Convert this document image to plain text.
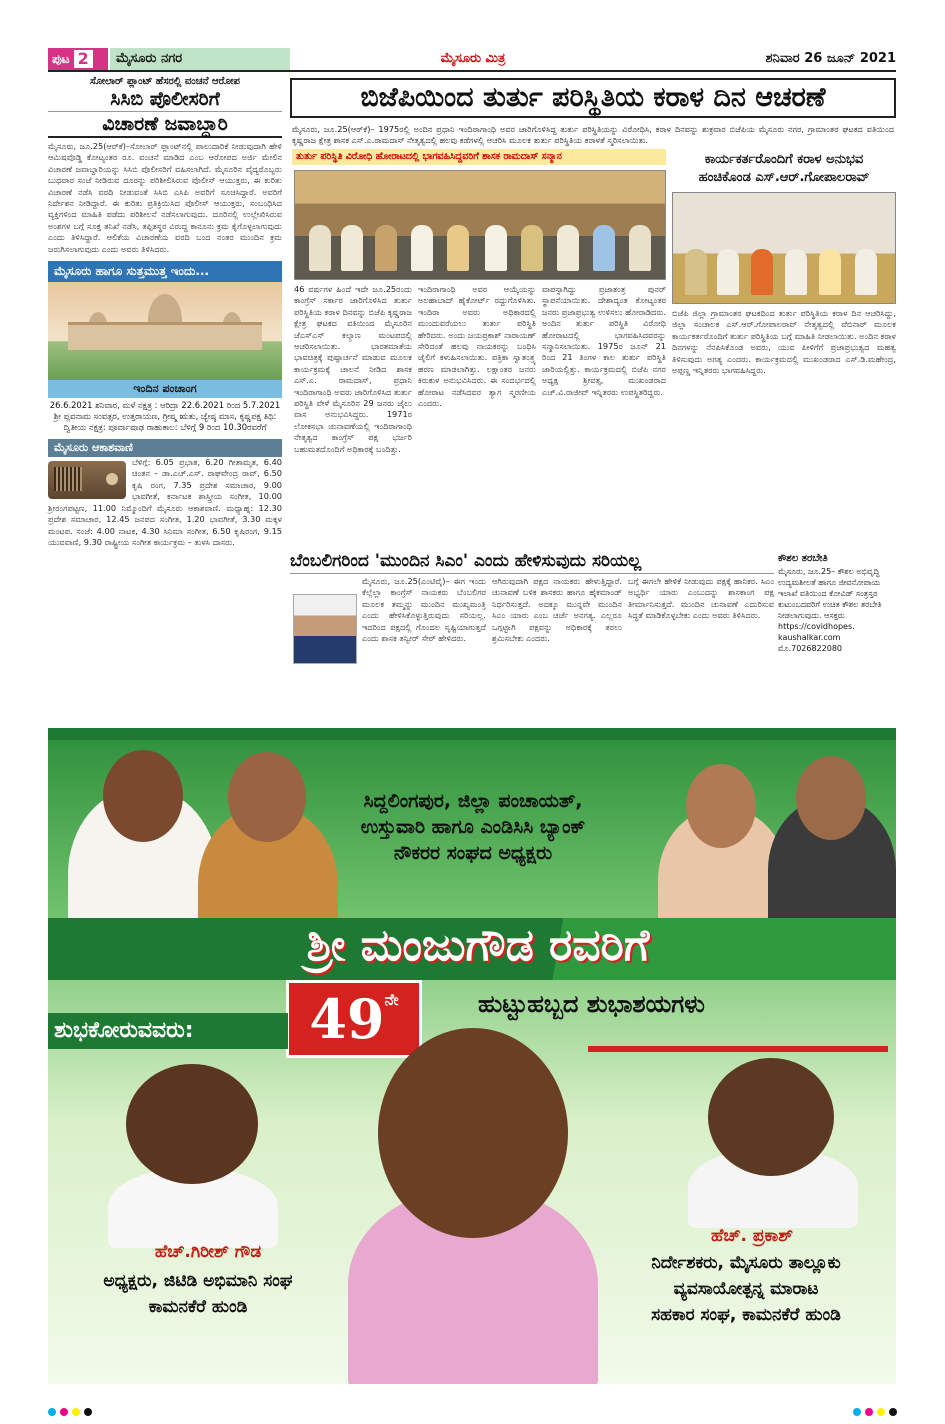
ಪುಟ 2	ಮೈಸೂರು ನಗರ	ಮೈಸೂರು ಮಿತ್ರ	ಶನಿವಾರ 26 ಜೂನ್ 2021
ಸೋಲಾರ್ ಪ್ಲಾಂಟ್ ಹೆಸರಲ್ಲಿ ವಂಚನೆ ಆರೋಪ
ಸಿಸಿಬಿ ಪೊಲೀಸರಿಗೆ
ವಿಚಾರಣೆ ಜವಾಬ್ದಾರಿ
ಮೈಸೂರು, ಜೂ.25(ಆರ್‌ಕೆ)–ಸೋಲಾರ್ ಪ್ಲಾಂಟ್‌ನಲ್ಲಿ ಪಾಲುದಾರಿಕೆ ನೀಡುವುದಾಗಿ ಹೇಳಿ ಆಮಿಷವೊಡ್ಡಿ ಕೋಟ್ಯಂತರ ರೂ. ವಂಚನೆ ಮಾಡಿದ ಎಂಬ ಆರೋಪದ ಅರ್ಜಿ ಮೇಲಿನ ವಿಚಾರಣೆ ಜವಾಬ್ದಾರಿಯನ್ನು ಸಿಸಿಬಿ ಪೊಲೀಸರಿಗೆ ವಹಿಸಲಾಗಿದೆ. ಮೈಸೂರಿನ ವೈದ್ಯರೊಬ್ಬರು ಬುಧವಾರ ಸಂಜೆ ನೀಡಿರುವ ದೂರನ್ನು ಪರಿಶೀಲಿಸಿರುವ ಪೊಲೀಸ್ ಆಯುಕ್ತರು, ಈ ಕುರಿತು ವಿಚಾರಣೆ ನಡೆಸಿ ವರದಿ ನೀಡುವಂತೆ ಸಿಸಿಬಿ ಎಸಿಪಿ ಅವರಿಗೆ ಸೂಚಿಸಿದ್ದಾರೆ. ಅವರಿಗೆ ನಿರ್ದೇಶನ ನೀಡಿದ್ದಾರೆ. ಈ ಕುರಿತು ಪ್ರತಿಕ್ರಿಯಿಸಿದ ಪೊಲೀಸ್ ಆಯುಕ್ತರು, ಸಂಬಂಧಿಸಿದ ವ್ಯಕ್ತಿಗಳಿಂದ ಮಾಹಿತಿ ಪಡೆದು ಪರಿಶೀಲನೆ ನಡೆಸಲಾಗುವುದು. ದೂರಿನಲ್ಲಿ ಉಲ್ಲೇಖಿಸಿರುವ ಅಂಶಗಳ ಬಗ್ಗೆ ಸೂಕ್ತ ತನಿಖೆ ನಡೆಸಿ, ತಪ್ಪಿತಸ್ಥರ ವಿರುದ್ಧ ಕಾನೂನು ಕ್ರಮ ಕೈಗೊಳ್ಳಲಾಗುವುದು ಎಂದು ತಿಳಿಸಿದ್ದಾರೆ. ಆಲಿಕೆಯ ವಿಚಾರಣೆಯ ವರದಿ ಬಂದ ನಂತರ ಮುಂದಿನ ಕ್ರಮ ಜರುಗಿಸಲಾಗುವುದು ಎಂದು ಅವರು ತಿಳಿಸಿದರು.
ಮೈಸೂರು ಹಾಗೂ ಸುತ್ತಮುತ್ತ ಇಂದು...
ಇಂದಿನ ಪಂಚಾಂಗ
26.6.2021 ಶನಿವಾರ, ಮಳೆ ನಕ್ಷತ್ರ : ಆರಿದ್ರಾ 22.6.2021 ರಿಂದ 5.7.2021 ಶ್ರೀ ಪ್ಲವನಾಮ ಸಂವತ್ಸರ, ಉತ್ತರಾಯಣ, ಗ್ರೀಷ್ಮ ಋತು, ಜ್ಯೇಷ್ಠ ಮಾಸ, ಕೃಷ್ಣಪಕ್ಷ ತಿಥಿ: ದ್ವಿತೀಯ ನಕ್ಷತ್ರ: ಪೂರ್ವಾಷಾಢ ರಾಹುಕಾಲ: ಬೆಳಿಗ್ಗೆ 9 ರಿಂದ 10.30ರವರೆಗೆ
ಮೈಸೂರು ಆಕಾಶವಾಣಿ
ಬೆಳಿಗ್ಗೆ: 6.05 ಪ್ರಭಾತ, 6.20 ಗೀತಾಮೃತ, 6.40 ಚಿಂತನ – ಡಾ.ಎಚ್.ಎಸ್. ರಾಘವೇಂದ್ರ ರಾವ್, 6.50 ಕೃಷಿ ರಂಗ, 7.35 ಪ್ರದೇಶ ಸಮಾಚಾರ, 9.00 ಭಾವಗೀತೆ, ಕರ್ನಾಟಕ ಶಾಸ್ತ್ರೀಯ ಸಂಗೀತ, 10.00 ಶ್ರೀರಂಗಪಟ್ಟಣ, 11.00 ನಿಮ್ಮೊಂದಿಗೆ ಮೈಸೂರು ಆಕಾಶವಾಣಿ. ಮಧ್ಯಾಹ್ನ: 12.30 ಪ್ರದೇಶ ಸಮಾಚಾರ, 12.45 ಜನಪದ ಸಂಗೀತ, 1.20 ಭಾವಗೀತೆ, 3.30 ಮಕ್ಕಳ ಮಂಟಪ. ಸಂಜೆ: 4.00 ನಾಟಕ, 4.30 ಸಿನಿಮಾ ಸಂಗೀತ, 6.50 ಕೃಷಿರಂಗ, 9.15 ಯುವವಾಣಿ, 9.30 ರಾಷ್ಟ್ರೀಯ ಸಂಗೀತ ಕಾರ್ಯಕ್ರಮ – ತುಳಸಿ ದಾಸರು.
ಬಿಜೆಪಿಯಿಂದ ತುರ್ತು ಪರಿಸ್ಥಿತಿಯ ಕರಾಳ ದಿನ ಆಚರಣೆ
ಮೈಸೂರು, ಜೂ.25(ಆರ್‌ಕೆ)– 1975ರಲ್ಲಿ ಅಂದಿನ ಪ್ರಧಾನಿ ಇಂದಿರಾಗಾಂಧಿ ಅವರ ಜಾರಿಗೊಳಿಸಿದ್ದ ತುರ್ತು ಪರಿಸ್ಥಿತಿಯನ್ನು ವಿರೋಧಿಸಿ, ಕರಾಳ ದಿನವನ್ನು ಶುಕ್ರವಾರ ಬಿಜೆಪಿಯ ಮೈಸೂರು ನಗರ, ಗ್ರಾಮಾಂತರ ಘಟಕದ ವತಿಯಿಂದ ಕೃಷ್ಣರಾಜ ಕ್ಷೇತ್ರ ಶಾಸಕ ಎಸ್.ಎ.ರಾಮದಾಸ್ ನೇತೃತ್ವದಲ್ಲಿ ಹಲವು ಕಡೆಗಳಲ್ಲಿ ಆಚರಿಸಿ ಮೂಲಕ ತುರ್ತು ಪರಿಸ್ಥಿತಿಯ ಕರಾಳತೆ ಸ್ಮರಿಸಲಾಯಿತು.
ತುರ್ತು ಪರಿಸ್ಥಿತಿ ವಿರೋಧಿ ಹೋರಾಟದಲ್ಲಿ ಭಾಗವಹಿಸಿದ್ದವರಿಗೆ ಶಾಸಕ ರಾಮದಾಸ್ ಸನ್ಮಾನ	ಕಾರ್ಯಕರ್ತರೊಂದಿಗೆ ಕರಾಳ ಅನುಭವ
ಹಂಚಿಕೊಂಡ ಎಸ್.ಆರ್.ಗೋಪಾಲರಾವ್
46 ವರ್ಷಗಳ ಹಿಂದೆ ಇದೇ ಜೂ.25ರಂದು ಕಾಂಗ್ರೆಸ್ ಸರ್ಕಾರ ಜಾರಿಗೊಳಿಸಿದ ತುರ್ತು ಪರಿಸ್ಥಿತಿಯ ಕರಾಳ ದಿನವನ್ನು ಬಿಜೆಪಿ ಕೃಷ್ಣರಾಜ ಕ್ಷೇತ್ರ ಘಟಕದ ವತಿಯಿಂದ ಮೈಸೂರಿನ ಜೆಎಸ್‌ಎಸ್ ಕಲ್ಯಾಣ ಮಂಟಪದಲ್ಲಿ ಆಚರಿಸಲಾಯಿತು. ಭಾರತಮಾತೆಯ ಭಾವಚಿತ್ರಕ್ಕೆ ಪುಷ್ಪಾರ್ಚನೆ ಮಾಡುವ ಮೂಲಕ ಕಾರ್ಯಕ್ರಮಕ್ಕೆ ಚಾಲನೆ ನೀಡಿದ ಶಾಸಕ ಎಸ್.ಎ. ರಾಮದಾಸ್, ಪ್ರಧಾನಿ ಇಂದಿರಾಗಾಂಧಿ ಅವರು ಜಾರಿಗೊಳಿಸಿದ ತುರ್ತು ಪರಿಸ್ಥಿತಿ ವೇಳೆ ಮೈಸೂರಿನ 29 ಜನರು ಜೈಲು ವಾಸ ಅನುಭವಿಸಿದ್ದರು. 1971ರ ಲೋಕಸಭಾ ಚುನಾವಣೆಯಲ್ಲಿ ಇಂದಿರಾಗಾಂಧಿ ನೇತೃತ್ವದ ಕಾಂಗ್ರೆಸ್ ಪಕ್ಷ ಭರ್ಜರಿ ಬಹುಮತದೊಂದಿಗೆ ಅಧಿಕಾರಕ್ಕೆ ಬಂದಿತ್ತು.
ಇಂದಿರಾಗಾಂಧಿ ಅವರ ಆಯ್ಕೆಯನ್ನು ಅಲಹಾಬಾದ್ ಹೈಕೋರ್ಟ್ ರದ್ದುಗೊಳಿಸಿತು. ಇಂದಿರಾ ಅವರು ಅಧಿಕಾರದಲ್ಲಿ ಮುಂದುವರೆಯಲು ತುರ್ತು ಪರಿಸ್ಥಿತಿ ಹೇರಿದರು. ಅಂದು ಜಯಪ್ರಕಾಶ್ ನಾರಾಯಣ್ ಸೇರಿದಂತೆ ಹಲವು ನಾಯಕರನ್ನು ಬಂಧಿಸಿ ಜೈಲಿಗೆ ಕಳುಹಿಸಲಾಯಿತು. ಪತ್ರಿಕಾ ಸ್ವಾತಂತ್ರ್ಯ ಹರಣ ಮಾಡಲಾಗಿತ್ತು. ಲಕ್ಷಾಂತರ ಜನರು ಕಿರುಕುಳ ಅನುಭವಿಸಿದರು. ಈ ಸಂದರ್ಭದಲ್ಲಿ ಹೋರಾಟ ನಡೆಸಿದವರ ತ್ಯಾಗ ಸ್ಮರಣೀಯ ಎಂದರು.
ವಾಪಸ್ಸಾಗಿದ್ದು ಪ್ರಜಾತಂತ್ರ ಪುನರ್ ಸ್ಥಾಪನೆಯಾಯಿತು. ದೇಶಾದ್ಯಂತ ಕೋಟ್ಯಂತರ ಜನರು ಪ್ರಜಾಪ್ರಭುತ್ವ ಉಳಿಸಲು ಹೋರಾಡಿದರು. ಅಂದಿನ ತುರ್ತು ಪರಿಸ್ಥಿತಿ ವಿರೋಧಿ ಹೋರಾಟದಲ್ಲಿ ಭಾಗವಹಿಸಿದವರನ್ನು ಸನ್ಮಾನಿಸಲಾಯಿತು. 1975ರ ಜೂನ್ 21 ರಿಂದ 21 ತಿಂಗಳ ಕಾಲ ತುರ್ತು ಪರಿಸ್ಥಿತಿ ಜಾರಿಯಲ್ಲಿತ್ತು. ಕಾರ್ಯಕ್ರಮದಲ್ಲಿ ಬಿಜೆಪಿ ನಗರ ಅಧ್ಯಕ್ಷ ಶ್ರೀವತ್ಸ, ಮುಖಂಡರಾದ ಎಚ್.ವಿ.ರಾಜೀವ್ ಇನ್ನಿತರರು ಉಪಸ್ಥಿತರಿದ್ದರು.
ಬಿಜೆಪಿ ಜಿಲ್ಲಾ ಗ್ರಾಮಾಂತರ ಘಟಕದಿಂದ ತುರ್ತು ಪರಿಸ್ಥಿತಿಯ ಕರಾಳ ದಿನ ಆಚರಿಸಿದ್ದು, ಜಿಲ್ಲಾ ಸಂಚಾಲಕ ಎಸ್.ಆರ್.ಗೋಪಾಲರಾವ್ ನೇತೃತ್ವದಲ್ಲಿ ವೆಬಿನಾರ್ ಮೂಲಕ ಕಾರ್ಯಕರ್ತರೊಂದಿಗೆ ತುರ್ತು ಪರಿಸ್ಥಿತಿಯ ಬಗ್ಗೆ ಮಾಹಿತಿ ನೀಡಲಾಯಿತು. ಅಂದಿನ ಕರಾಳ ದಿನಗಳನ್ನು ನೆನಪಿಸಿಕೊಂಡ ಅವರು, ಯುವ ಪೀಳಿಗೆಗೆ ಪ್ರಜಾಪ್ರಭುತ್ವದ ಮಹತ್ವ ತಿಳಿಸುವುದು ಅಗತ್ಯ ಎಂದರು. ಕಾರ್ಯಕ್ರಮದಲ್ಲಿ ಮುಖಂಡರಾದ ಎಸ್.ಡಿ.ಮಹೇಂದ್ರ, ಅಪ್ಪಣ್ಣ ಇನ್ನಿತರರು ಭಾಗವಹಿಸಿದ್ದರು.
ಬೆಂಬಲಿಗರಿಂದ 'ಮುಂದಿನ ಸಿಎಂ' ಎಂದು ಹೇಳಿಸುವುದು ಸರಿಯಲ್ಲ
ಮೈಸೂರು, ಜೂ.25(ಎಂಟಿವೈ)– ಈಗ ಇಂದು ಕೆಲ್ಲೆಲ್ಲಾ ಕಾಂಗ್ರೆಸ್ ನಾಯಕರು ಬೆಂಬಲಿಗರ ಮೂಲಕ ತಮ್ಮನ್ನು ಮುಂದಿನ ಮುಖ್ಯಮಂತ್ರಿ ಎಂದು ಹೇಳಿಸಿಕೊಳ್ಳುತ್ತಿರುವುದು ಸರಿಯಲ್ಲ. ಇದರಿಂದ ಪಕ್ಷದಲ್ಲಿ ಗೊಂದಲ ಸೃಷ್ಟಿಯಾಗುತ್ತದೆ ಎಂದು ಶಾಸಕ ತನ್ವೀರ್ ಸೇಠ್ ಹೇಳಿದರು.
ಆಗಿರುವುದಾಗಿ ಪಕ್ಷದ ನಾಯಕರು ಹೇಳುತ್ತಿದ್ದಾರೆ. ಚುನಾವಣೆ ಬಳಿಕ ಶಾಸಕರು ಹಾಗೂ ಹೈಕಮಾಂಡ್ ನಿರ್ಧರಿಸುತ್ತದೆ. ಅದಕ್ಕೂ ಮುನ್ನವೇ ಮುಂದಿನ ಸಿಎಂ ಯಾರು ಎಂಬ ಚರ್ಚೆ ಅನಗತ್ಯ. ಎಲ್ಲರೂ ಒಗ್ಗಟ್ಟಾಗಿ ಪಕ್ಷವನ್ನು ಅಧಿಕಾರಕ್ಕೆ ತರಲು ಶ್ರಮಿಸಬೇಕು ಎಂದರು.
ಬಗ್ಗೆ ಈಗಲೇ ಹೇಳಿಕೆ ನೀಡುವುದು ಪಕ್ಷಕ್ಕೆ ಹಾನಿಕರ. ಸಿಎಂ ಅಭ್ಯರ್ಥಿ ಯಾರು ಎಂಬುದನ್ನು ಶಾಸಕಾಂಗ ಪಕ್ಷ ತೀರ್ಮಾನಿಸುತ್ತದೆ. ಮುಂದಿನ ಚುನಾವಣೆ ಎದುರಿಸುವ ಸಿದ್ಧತೆ ಮಾಡಿಕೊಳ್ಳಬೇಕು ಎಂದು ಅವರು ತಿಳಿಸಿದರು.
ಕೌಶಲ ತರಬೇತಿ
ಮೈಸೂರು, ಜೂ.25– ಕೌಶಲ ಅಭಿವೃದ್ಧಿ ಉದ್ಯಮಶೀಲತೆ ಹಾಗೂ ಜೀವನೋಪಾಯ ಇಲಾಖೆ ವತಿಯಿಂದ ಕೋವಿಡ್ ಸಂತ್ರಸ್ತರ ಕುಟುಂಬದವರಿಗೆ ಉಚಿತ ಕೌಶಲ ತರಬೇತಿ ನೀಡಲಾಗುವುದು. ಆಸಕ್ತರು https://covidhopes. kaushalkar.com ಮೊ.7026822080
ಸಿದ್ದಲಿಂಗಪುರ, ಜಿಲ್ಲಾ ಪಂಚಾಯತ್,
ಉಸ್ತುವಾರಿ ಹಾಗೂ ಎಂಡಿಸಿಸಿ ಬ್ಯಾಂಕ್
ನೌಕರರ ಸಂಘದ ಅಧ್ಯಕ್ಷರು
ಶ್ರೀ ಮಂಜುಗೌಡ ರವರಿಗೆ
$49^{ನೇ}$	ಹುಟ್ಟುಹಬ್ಬದ ಶುಭಾಶಯಗಳು
ಶುಭಕೋರುವವರು:
ಹೆಚ್.ಗಿರೀಶ್ ಗೌಡ
ಅಧ್ಯಕ್ಷರು, ಜಿಟಿಡಿ ಅಭಿಮಾನಿ ಸಂಘ
ಕಾಮನಕೆರೆ ಹುಂಡಿ
ಹೆಚ್. ಪ್ರಕಾಶ್
ನಿರ್ದೇಶಕರು, ಮೈಸೂರು ತಾಲ್ಲೂಕು
ವ್ಯವಸಾಯೋತ್ಪನ್ನ ಮಾರಾಟ
ಸಹಕಾರ ಸಂಘ, ಕಾಮನಕೆರೆ ಹುಂಡಿ
